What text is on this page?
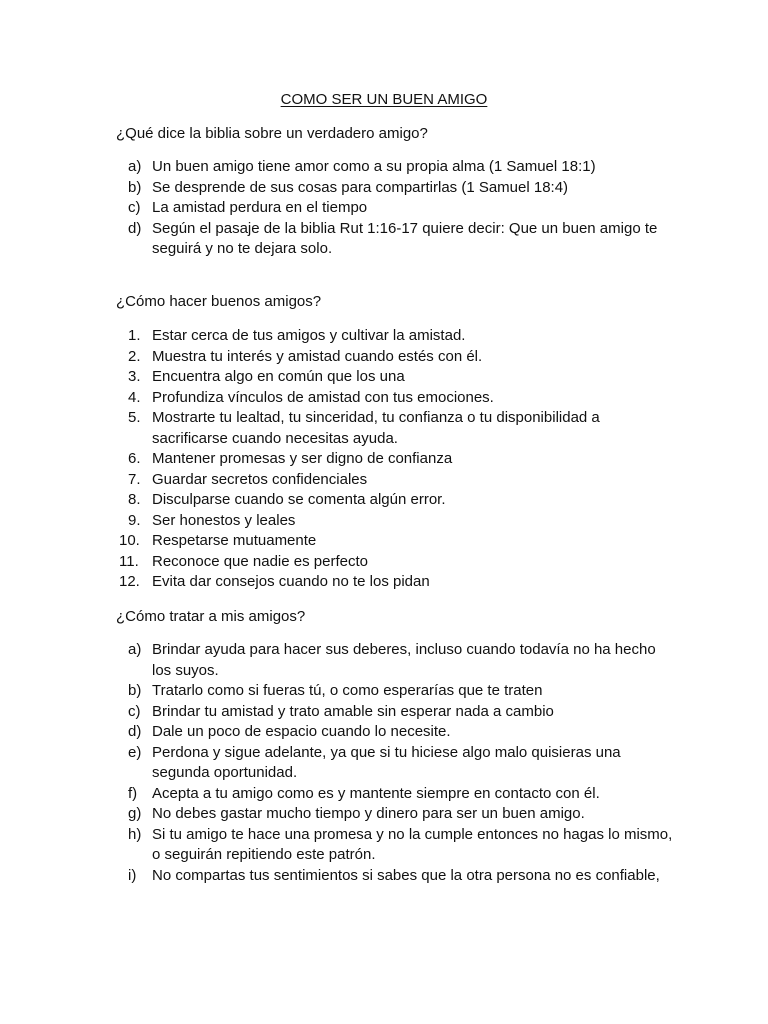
COMO SER UN BUEN AMIGO

¿Qué dice la biblia sobre un verdadero amigo?

a) Un buen amigo tiene amor como a su propia alma (1 Samuel 18:1)
b) Se desprende de sus cosas para compartirlas (1 Samuel 18:4)
c) La amistad perdura en el tiempo
d) Según el pasaje de la biblia Rut 1:16-17 quiere decir: Que un buen amigo te seguirá y no te dejara solo.

¿Cómo hacer buenos amigos?

1. Estar cerca de tus amigos y cultivar la amistad.
2. Muestra tu interés y amistad cuando estés con él.
3. Encuentra algo en común que los una
4. Profundiza vínculos de amistad con tus emociones.
5. Mostrarte tu lealtad, tu sinceridad, tu confianza o tu disponibilidad a sacrificarse cuando necesitas ayuda.
6. Mantener promesas y ser digno de confianza
7. Guardar secretos confidenciales
8. Disculparse cuando se comenta algún error.
9. Ser honestos y leales
10. Respetarse mutuamente
11. Reconoce que nadie es perfecto
12. Evita dar consejos cuando no te los pidan

¿Cómo tratar a mis amigos?

a) Brindar ayuda para hacer sus deberes, incluso cuando todavía no ha hecho los suyos.
b) Tratarlo como si fueras tú, o como esperarías que te traten
c) Brindar tu amistad y trato amable sin esperar nada a cambio
d) Dale un poco de espacio cuando lo necesite.
e) Perdona y sigue adelante, ya que si tu hiciese algo malo quisieras una segunda oportunidad.
f) Acepta a tu amigo como es y mantente siempre en contacto con él.
g) No debes gastar mucho tiempo y dinero para ser un buen amigo.
h) Si tu amigo te hace una promesa y no la cumple entonces no hagas lo mismo, o seguirán repitiendo este patrón.
i)	No compartas tus sentimientos si sabes que la otra persona no es confiable,
